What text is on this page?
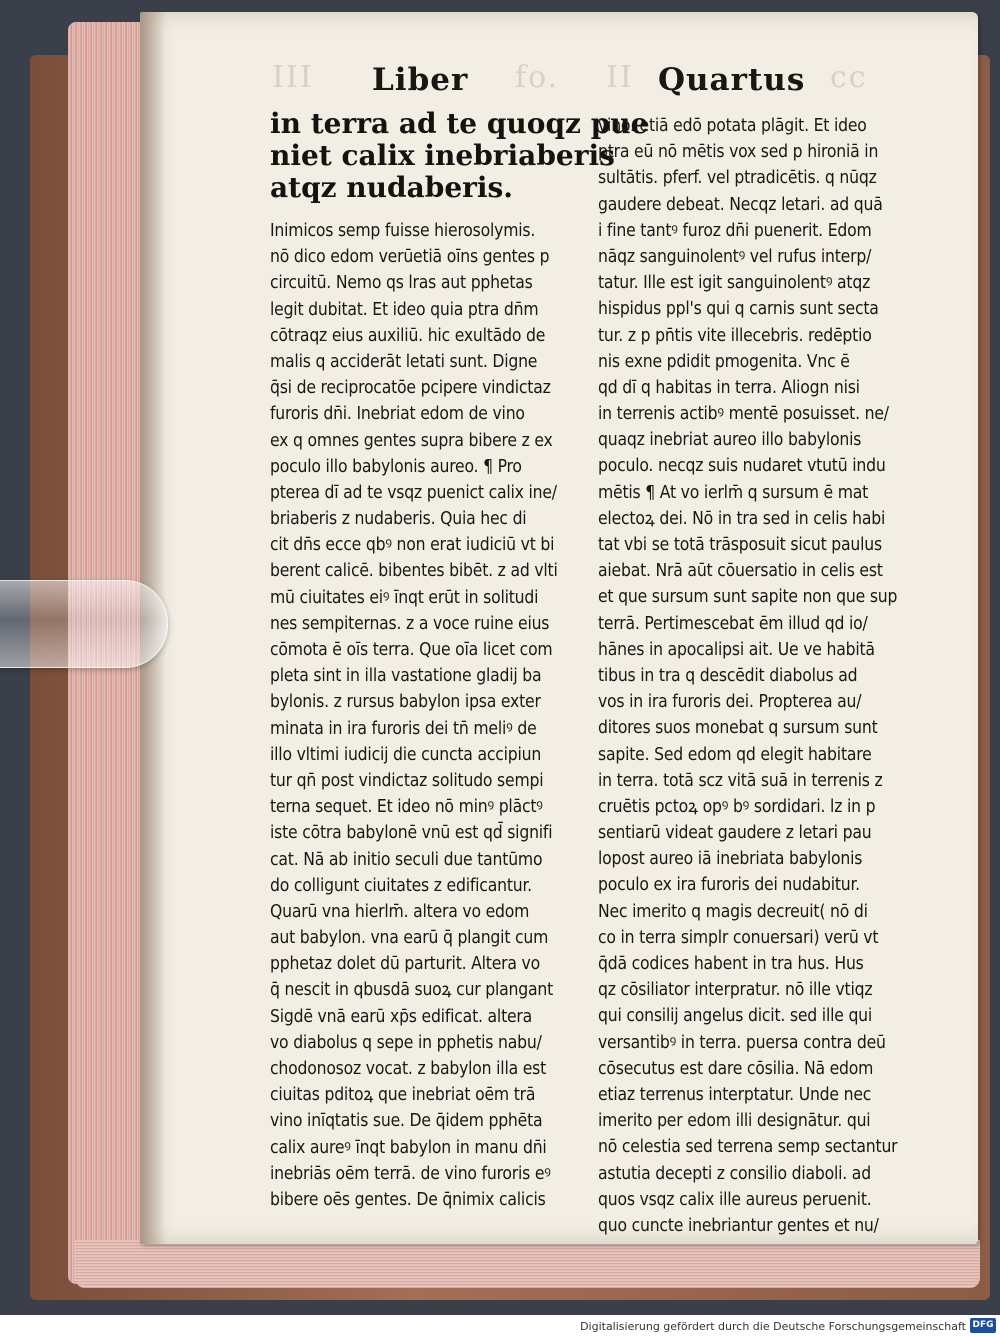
III	fo. II	cc
Liber	Quartus
in terra ad te quoqz pue
niet calix inebriaberis
atqz nudaberis.
Inimicos semp fuisse hierosolymis.
nō dico edom verūetiā oīns gentes p
circuitū. Nemo qs lras aut pphetas
legit dubitat. Et ideo quia ptra dn̄m
cōtraqz eius auxiliū. hic exultādo de
malis q acciderāt letati sunt. Digne
q̄si de reciprocatōe pcipere vindictaz
furoris dn̄i. Inebriat edom de vino
ex q omnes gentes supra bibere z ex
poculo illo babylonis aureo. ¶ Pro
pterea dī ad te vsqz puenict calix ine/
briaberis z nudaberis. Quia hec di
cit dn̄s ecce qbꝰ non erat iudiciū vt bi
berent calicē. bibentes bibēt. z ad vlti
mū ciuitates eiꝰ īnqt erūt in solitudi
nes sempiternas. z a voce ruine eius
cōmota ē oīs terra. Que oīa licet com
pleta sint in illa vastatione gladij ba
bylonis. z rursus babylon ipsa exter
minata in ira furoris dei tn̄ meliꝰ de
illo vltimi iudicij die cuncta accipiun
tur qn̄ post vindictaz solitudo sempi
terna sequet. Et ideo nō minꝰ plāctꝰ
iste cōtra babylonē vnū est qd̄ signifi
cat. Nā ab initio seculi due tantūmo
do colligunt ciuitates z edificantur.
Quarū vna hierlm̄. altera vo edom
aut babylon. vna earū q̄ plangit cum
pphetaz dolet dū parturit. Altera vo
q̄ nescit in qbusdā suoꝝ cur plangant
Sigdē vnā earū xp̄s edificat. altera
vo diabolus q sepe in pphetis nabu/
chodonosoz vocat. z babylon illa est
ciuitas pditoꝝ que inebriat oēm trā
vino inīqtatis sue. De q̄idem pphēta
calix aureꝰ īnqt babylon in manu dn̄i
inebriās oēm terrā. de vino furoris eꝰ
bibere oēs gentes. De q̄nimix calicis
vino. etiā edō potata plāgit. Et ideo
ptra eū nō mētis vox sed p hironiā in
sultātis. pferf. vel ptradicētis. q nūqz
gaudere debeat. Necqz letari. ad quā
i fine tantꝰ furoz dn̄i puenerit. Edom
nāqz sanguinolentꝰ vel rufus interp/
tatur. Ille est igit sanguinolentꝰ atqz
hispidus ppl's qui q carnis sunt secta
tur. z p pn̄tis vite illecebris. redēptio
nis exne pdidit pmogenita. Vnc ē
qd dī q habitas in terra. Aliogn nisi
in terrenis actibꝰ mentē posuisset. ne/
quaqz inebriat aureo illo babylonis
poculo. necqz suis nudaret vtutū indu
mētis ¶ At vo ierlm̄ q sursum ē mat
electoꝝ dei. Nō in tra sed in celis habi
tat vbi se totā trāsposuit sicut paulus
aiebat. Nrā aūt cōuersatio in celis est
et que sursum sunt sapite non que sup
terrā. Pertimescebat ēm illud qd io/
hānes in apocalipsi ait. Ue ve habitā
tibus in tra q descēdit diabolus ad
vos in ira furoris dei. Propterea au/
ditores suos monebat q sursum sunt
sapite. Sed edom qd elegit habitare
in terra. totā scz vitā suā in terrenis z
cruētis pctoꝝ opꝰ bꝰ sordidari. lz in p
sentiarū videat gaudere z letari pau
lopost aureo iā inebriata babylonis
poculo ex ira furoris dei nudabitur.
Nec imerito q magis decreuit( nō di
co in terra simplr conuersari) verū vt
q̄dā codices habent in tra hus. Hus
qz cōsiliator interpratur. nō ille vtiqz
qui consilij angelus dicit. sed ille qui
versantibꝰ in terra. puersa contra deū
cōsecutus est dare cōsilia. Nā edom
etiaz terrenus interptatur. Unde nec
imerito per edom illi designātur. qui
nō celestia sed terrena semp sectantur
astutia decepti z consilio diaboli. ad
quos vsqz calix ille aureus peruenit.
quo cuncte inebriantur gentes et nu/
Digitalisierung gefördert durch die Deutsche Forschungsgemeinschaft DFG
